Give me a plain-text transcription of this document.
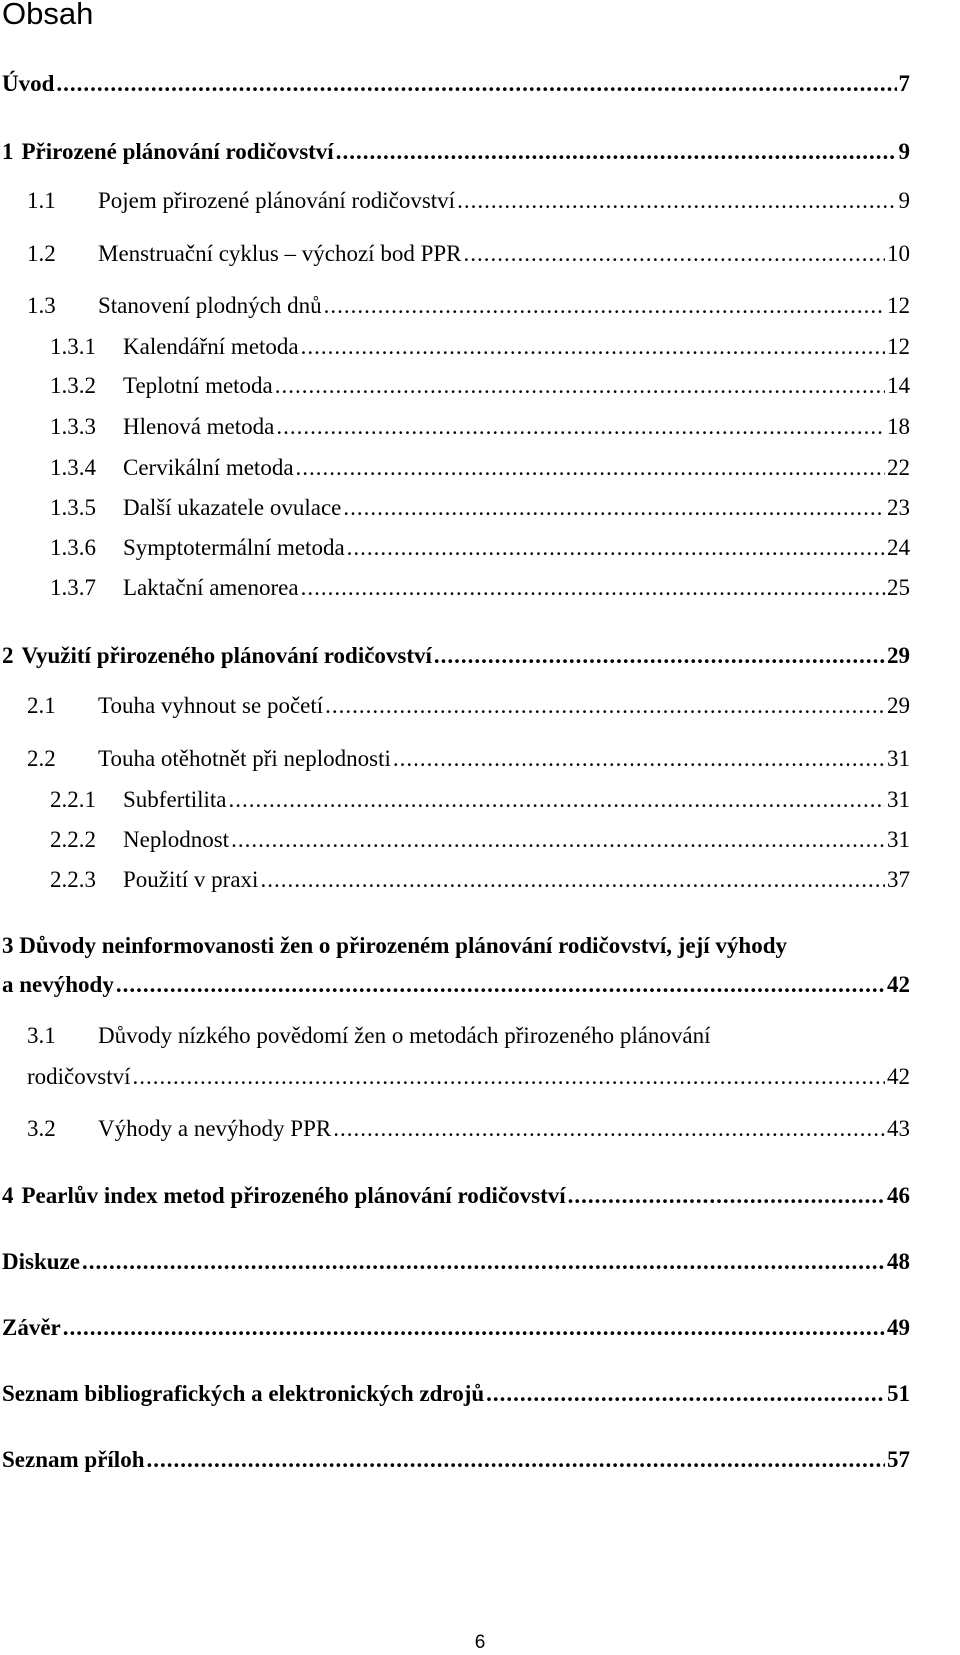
Obsah
Úvod .....	7
1 Přirozené plánování rodičovství .....	9
1.1	Pojem přirozené plánování rodičovství .....	9
1.2	Menstruační cyklus – výchozí bod PPR .....	10
1.3	Stanovení plodných dnů .....	12
1.3.1	Kalendářní metoda .....	12
1.3.2	Teplotní metoda .....	14
1.3.3	Hlenová metoda .....	18
1.3.4	Cervikální metoda .....	22
1.3.5	Další ukazatele ovulace .....	23
1.3.6	Symptotermální metoda .....	24
1.3.7	Laktační amenorea .....	25
2 Využití přirozeného plánování rodičovství .....	29
2.1	Touha vyhnout se početí .....	29
2.2	Touha otěhotnět při neplodnosti .....	31
2.2.1	Subfertilita .....	31
2.2.2	Neplodnost .....	31
2.2.3	Použití v praxi .....	37
3 Důvody neinformovanosti žen o přirozeném plánování rodičovství, její výhody
a nevýhody .....	42
3.1 Důvody nízkého povědomí žen o metodách přirozeného plánování
rodičovství .....	42
3.2	Výhody a nevýhody PPR .....	43
4 Pearlův index metod přirozeného plánování rodičovství .....	46
Diskuze .....	48
Závěr .....	49
Seznam bibliografických a elektronických zdrojů .....	51
Seznam příloh .....	57
6
